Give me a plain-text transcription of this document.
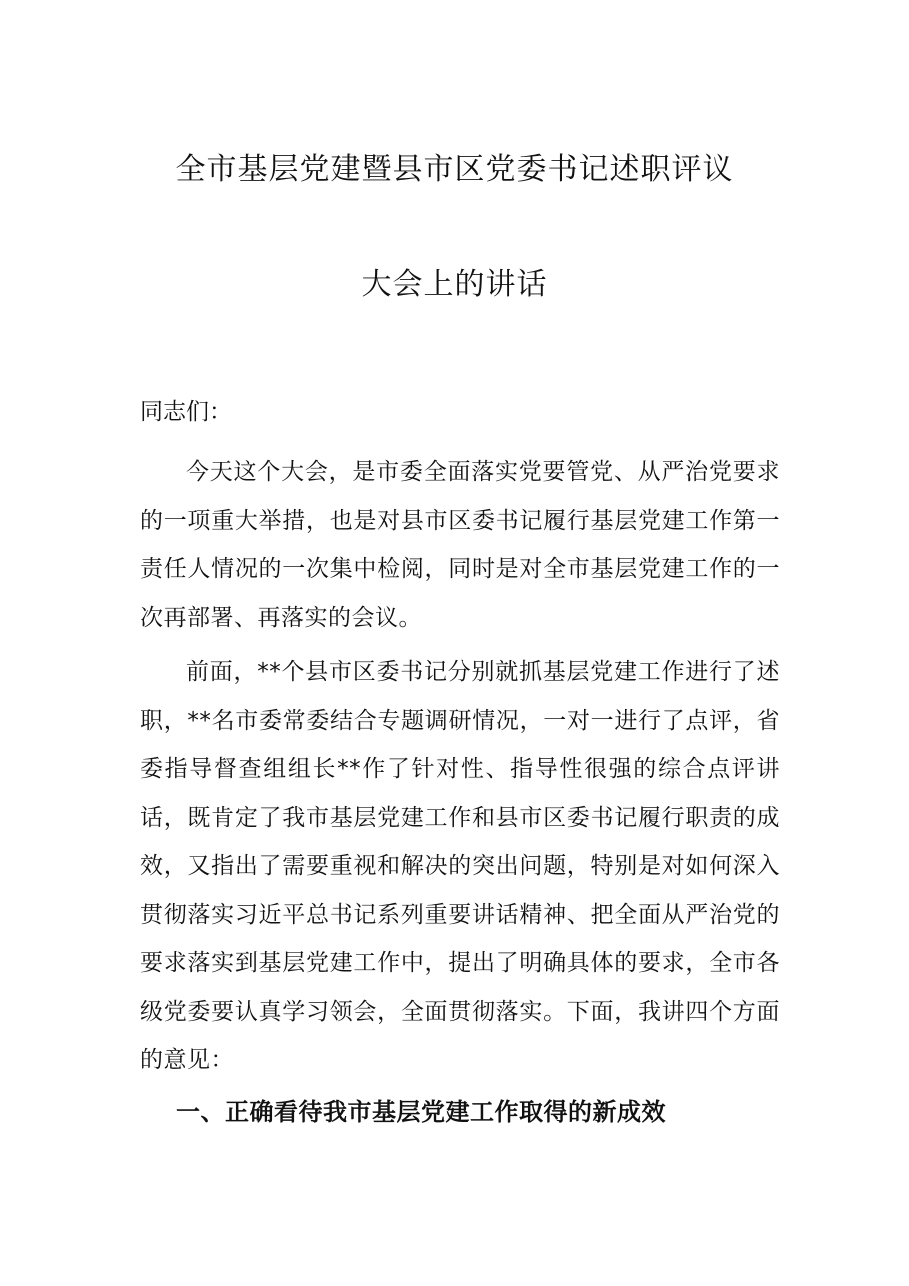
全市基层党建暨县市区党委书记述职评议
大会上的讲话
同志们：

今天这个大会，是市委全面落实党要管党、从严治党要求的一项重大举措，也是对县市区委书记履行基层党建工作第一责任人情况的一次集中检阅，同时是对全市基层党建工作的一次再部署、再落实的会议。

前面，**个县市区委书记分别就抓基层党建工作进行了述职，**名市委常委结合专题调研情况，一对一进行了点评，省委指导督查组组长**作了针对性、指导性很强的综合点评讲话，既肯定了我市基层党建工作和县市区委书记履行职责的成效，又指出了需要重视和解决的突出问题，特别是对如何深入贯彻落实习近平总书记系列重要讲话精神、把全面从严治党的要求落实到基层党建工作中，提出了明确具体的要求，全市各级党委要认真学习领会，全面贯彻落实。下面，我讲四个方面的意见：

一、正确看待我市基层党建工作取得的新成效
